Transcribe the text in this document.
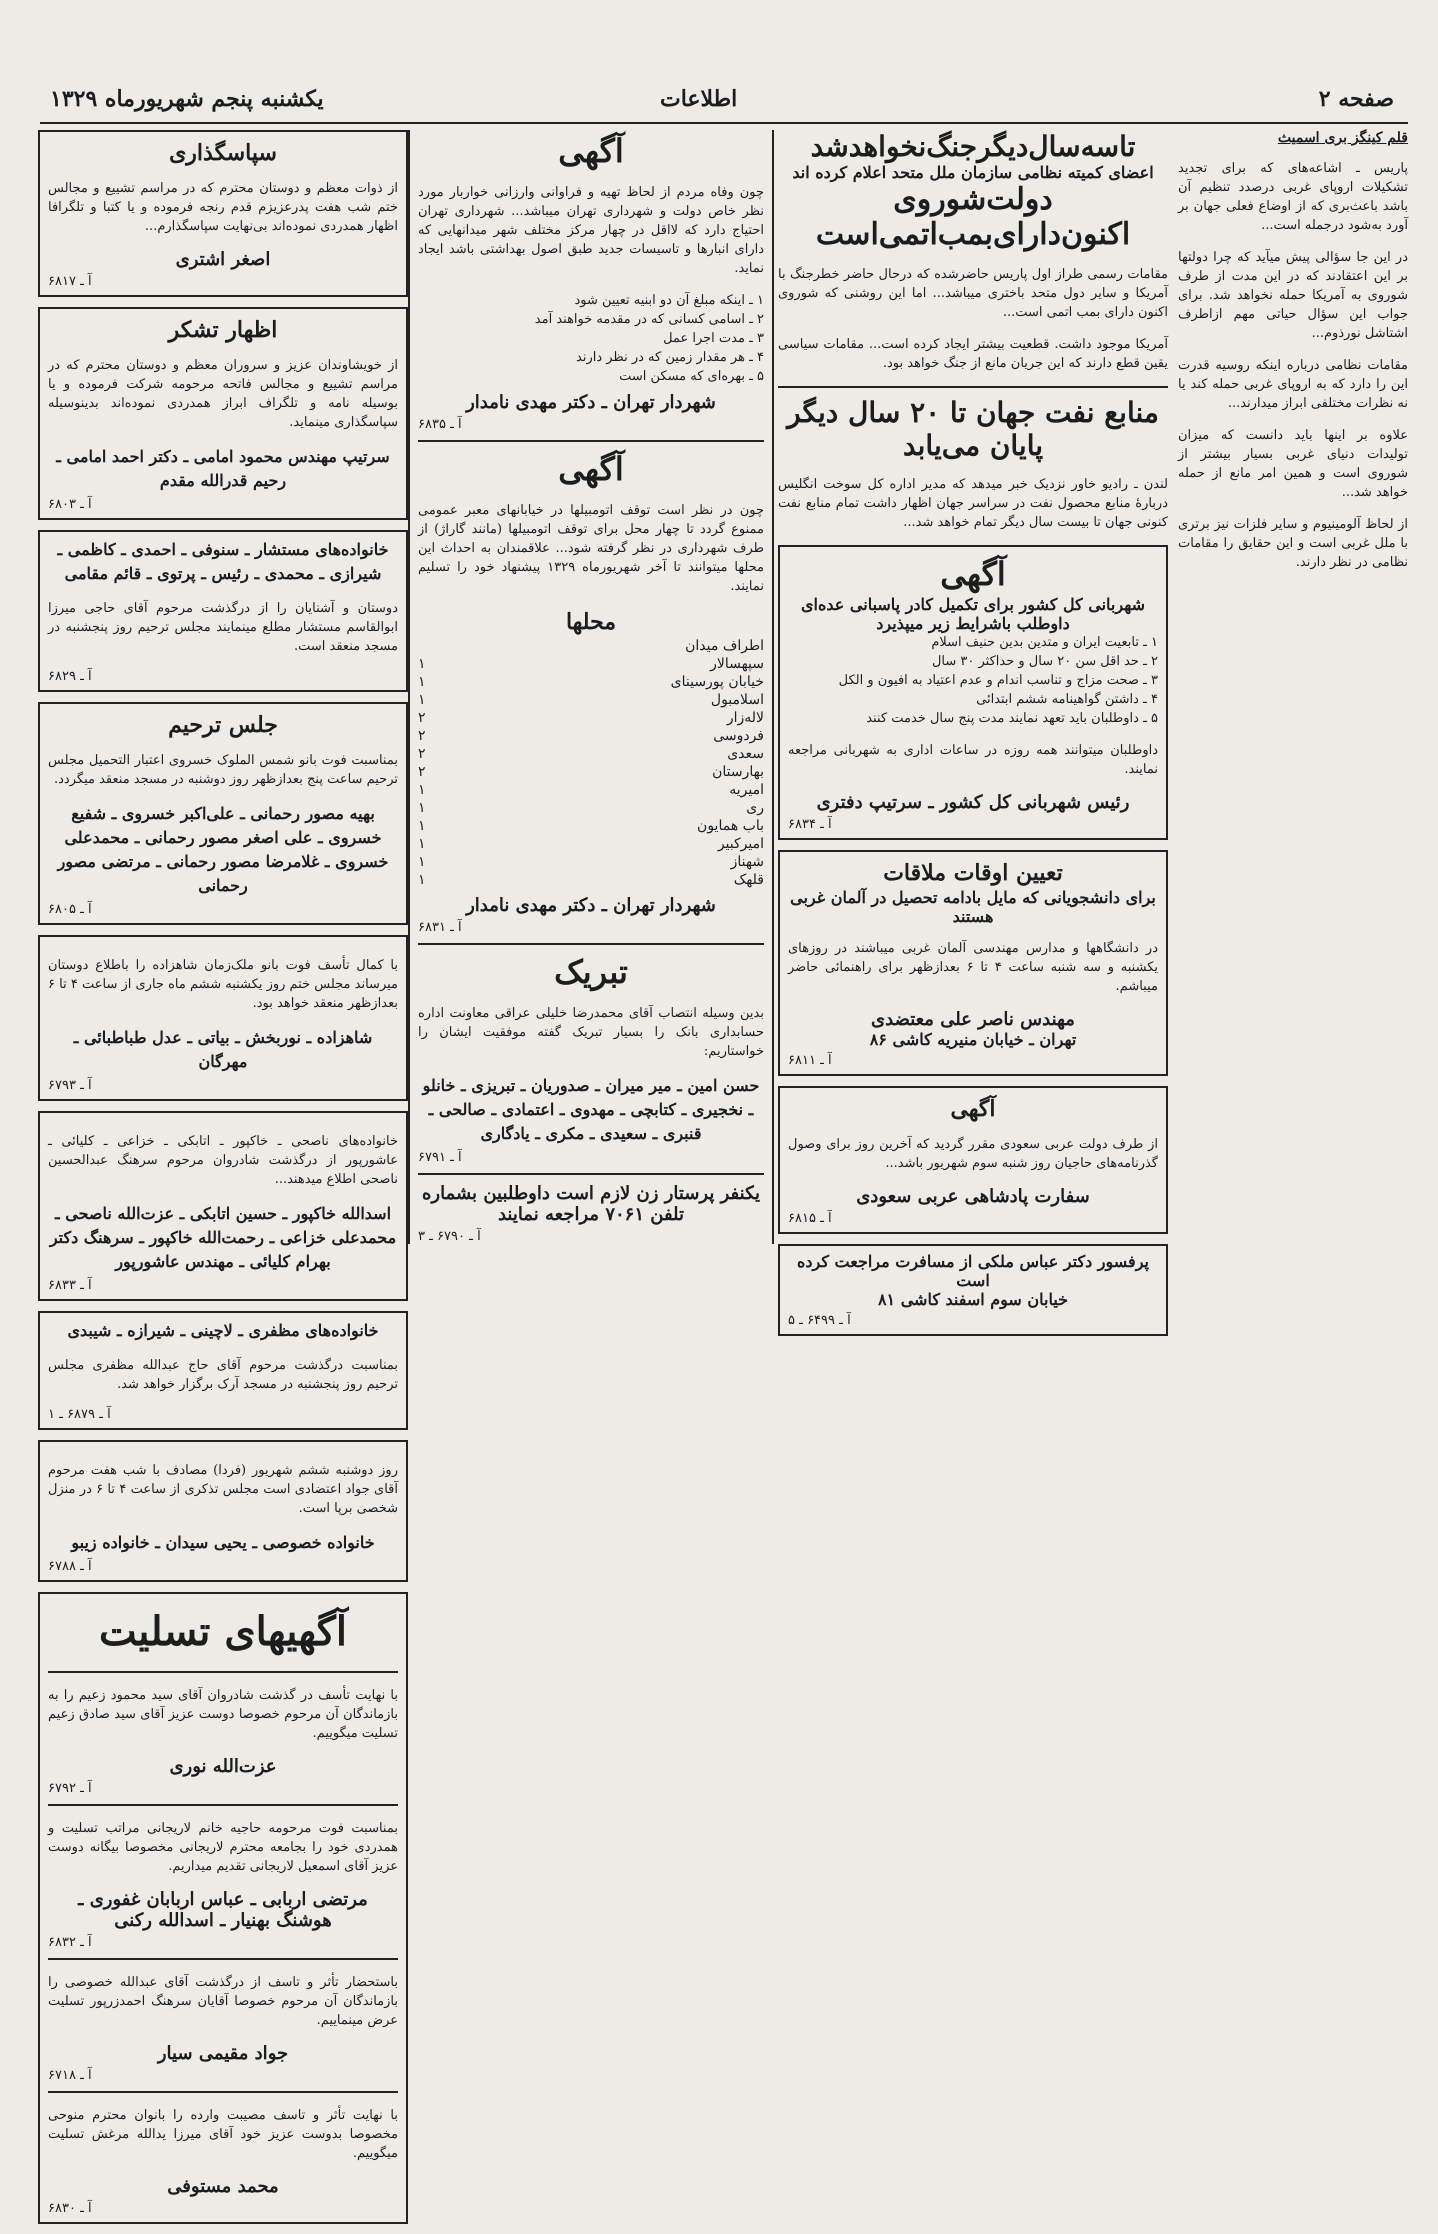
صفحه ۲
اطلاعات
یکشنبه پنجم شهریورماه ۱۳۲۹
قلم کینگز بری اسمیث

پاریس ـ اشاعه‌های که برای تجدید تشکیلات اروپای غربی درصدد تنظیم آن باشد باعث‌بری که از اوضاع فعلی جهان بر آورد به‌شود درجمله است...

در این جا سؤالی پیش میآید که چرا دولتها بر این اعتقادند که در این مدت از طرف شوروی به آمریکا حمله نخواهد شد. برای جواب این سؤال حیاتی مهم ازاطرف اشتاشل نورذوم...

مقامات نظامی درباره اینکه روسیه قدرت این را دارد که به اروپای غربی حمله کند یا نه نظرات مختلفی ابراز میدارند...

علاوه بر اینها باید دانست که میزان تولیدات دنیای غربی بسیار بیشتر از شوروی است و همین امر مانع از حمله خواهد شد...

از لحاظ آلومینیوم و سایر فلزات نیز برتری با ملل غربی است و این حقایق را مقامات نظامی در نظر دارند.

تاسه‌سال‌دیگرجنگ‌نخواهدشد
اعضای کمیته نظامی سازمان ملل متحد اعلام کرده اند
دولت‌شوروی اکنون‌دارای‌بمب‌اتمی‌است

مقامات رسمی طراز اول پاریس حاضرشده که درحال حاضر خطرجنگ با آمریکا و سایر دول متحد باختری میباشد... اما این روشنی که شوروی اکنون دارای بمب اتمی است...

آمریکا موجود داشت. قطعیت بیشتر ایجاد کرده است... مقامات سیاسی یقین قطع دارند که این جریان مانع از جنگ خواهد بود.

منابع نفت جهان تا ۲۰ سال دیگر پایان می‌یابد

لندن ـ رادیو خاور نزدیک خبر میدهد که مدیر اداره کل سوخت انگلیس دربارهٔ منابع محصول نفت در سراسر جهان اظهار داشت تمام منابع نفت کنونی جهان تا بیست سال دیگر تمام خواهد شد...

آگهی
شهربانی کل کشور برای تکمیل کادر پاسبانی عده‌ای داوطلب باشرایط زیر میپذیرد
۱ ـ تابعیت ایران و متدین بدین حنیف اسلام
۲ ـ حد اقل سن ۲۰ سال و حداکثر ۳۰ سال
۳ ـ صحت مزاج و تناسب اندام و عدم اعتیاد به افیون و الکل
۴ ـ داشتن گواهینامه ششم ابتدائی
۵ ـ داوطلبان باید تعهد نمایند مدت پنج سال خدمت کنند

داوطلبان میتوانند همه روزه در ساعات اداری به شهربانی مراجعه نمایند.

رئیس شهربانی کل کشور ـ سرتیپ دفتری
آ ـ ۶۸۳۴
تعیین اوقات ملاقات
برای دانشجویانی که مایل بادامه تحصیل در آلمان غربی هستند

در دانشگاهها و مدارس مهندسی آلمان غربی میباشند در روزهای یکشنبه و سه شنبه ساعت ۴ تا ۶ بعدازظهر برای راهنمائی حاضر میباشم.

مهندس ناصر علی معتضدی
تهران ـ خیابان منیریه کاشی ۸۶
آ ـ ۶۸۱۱
آگهی

از طرف دولت عربی سعودی مقرر گردید که آخرین روز برای وصول گذرنامه‌های حاجیان روز شنبه سوم شهریور باشد...

سفارت پادشاهی عربی سعودی
آ ـ ۶۸۱۵
پرفسور دکتر عباس ملکی از مسافرت مراجعت کرده است
خیابان سوم اسفند کاشی ۸۱
آ ـ ۶۴۹۹ ـ ۵
آگهی

چون وفاه مردم از لحاظ تهیه و فراوانی وارزانی خواربار مورد نظر خاص دولت و شهرداری تهران میباشد... شهرداری تهران احتیاج دارد که لااقل در چهار مرکز مختلف شهر میدانهایی که دارای انبارها و تاسیسات جدید طبق اصول بهداشتی باشد ایجاد نماید.

۱ ـ اینکه مبلغ آن دو ابنیه تعیین شود
۲ ـ اسامی کسانی که در مقدمه خواهند آمد
۳ ـ مدت اجرا عمل
۴ ـ هر مقدار زمین که در نظر دارند
۵ ـ بهره‌ای که مسکن است
شهردار تهران ـ دکتر مهدی نامدار
آ ـ ۶۸۳۵
آگهی

چون در نظر است توقف اتومبیلها در خیابانهای معبر عمومی ممنوع گردد تا چهار محل برای توقف اتومبیلها (مانند گاراژ) از طرف شهرداری در نظر گرفته شود... علاقمندان به احداث این محلها میتوانند تا آخر شهریورماه ۱۳۲۹ پیشنهاد خود را تسلیم نمایند.

محلها
اطراف میدان
سپهسالار
۱
خیابان پورسینای
۱
اسلامبول
۱
لاله‌زار
۲
فردوسی
۲
سعدی
۲
بهارستان
۲
امیریه
۱
ری
۱
باب همایون
۱
امیرکبیر
۱
شهناز
۱
قلهک
۱
شهردار تهران ـ دکتر مهدی نامدار
آ ـ ۶۸۳۱
تبریک

بدین وسیله انتصاب آقای محمدرضا خلیلی عراقی معاونت اداره حسابداری بانک را بسیار تبریک گفته موفقیت ایشان را خواستاریم:

حسن امین ـ میر میران ـ صدوریان ـ تبریزی ـ خانلو ـ نخجیری ـ کتابچی ـ مهدوی ـ اعتمادی ـ صالحی ـ قنبری ـ سعیدی ـ مکری ـ یادگاری
آ ـ ۶۷۹۱
یکنفر پرستار زن لازم است داوطلبین بشماره تلفن ۷۰۶۱ مراجعه نمایند
آ ـ ۶۷۹۰ ـ ۳
سپاسگذاری

از ذوات معظم و دوستان محترم که در مراسم تشییع و مجالس ختم شب هفت پدرعزیزم قدم رنجه فرموده و یا کتبا و تلگرافا اظهار همدردی نموده‌اند بی‌نهایت سپاسگذارم...

اصغر اشتری
آ ـ ۶۸۱۷
اظهار تشکر

از خویشاوندان عزیز و سروران معظم و دوستان محترم که در مراسم تشییع و مجالس فاتحه مرحومه شرکت فرموده و یا بوسیله نامه و تلگراف ابراز همدردی نموده‌اند بدینوسیله سپاسگذاری مینماید.

سرتیپ مهندس محمود امامی ـ دکتر احمد امامی ـ رحیم قدرالله مقدم
آ ـ ۶۸۰۳
خانواده‌های مستشار ـ سنوفی ـ احمدی ـ کاظمی ـ شیرازی ـ محمدی ـ رئیس ـ پرتوی ـ قائم مقامی

دوستان و آشنایان را از درگذشت مرحوم آقای حاجی میرزا ابوالقاسم مستشار مطلع مینمایند مجلس ترحیم روز پنجشنبه در مسجد منعقد است.

آ ـ ۶۸۲۹
جلس ترحیم

بمناسبت فوت بانو شمس الملوک خسروی اعتبار التحمیل مجلس ترحیم ساعت پنج بعدازظهر روز دوشنبه در مسجد منعقد میگردد.

بهیه مصور رحمانی ـ علی‌اکبر خسروی ـ شفیع خسروی ـ علی اصغر مصور رحمانی ـ محمدعلی خسروی ـ غلامرضا مصور رحمانی ـ مرتضی مصور رحمانی
آ ـ ۶۸۰۵

با کمال تأسف فوت بانو ملک‌زمان شاهزاده را باطلاع دوستان میرساند مجلس ختم روز یکشنبه ششم ماه جاری از ساعت ۴ تا ۶ بعدازظهر منعقد خواهد بود.

شاهزاده ـ نوربخش ـ بیاتی ـ عدل طباطبائی ـ مهرگان
آ ـ ۶۷۹۳

خانواده‌های ناصحی ـ خاکپور ـ اتابکی ـ خزاعی ـ کلیائی ـ عاشورپور از درگذشت شادروان مرحوم سرهنگ عبدالحسین ناصحی اطلاع میدهند...

اسدالله خاکپور ـ حسین اتابکی ـ عزت‌الله ناصحی ـ محمدعلی خزاعی ـ رحمت‌الله خاکپور ـ سرهنگ دکتر بهرام کلیائی ـ مهندس عاشورپور
آ ـ ۶۸۳۳
خانواده‌های مظفری ـ لاچینی ـ شیرازه ـ شیبدی

بمناسبت درگذشت مرحوم آقای حاج عبدالله مظفری مجلس ترحیم روز پنجشنبه در مسجد آرک برگزار خواهد شد.

آ ـ ۶۸۷۹ ـ ۱

روز دوشنبه ششم شهریور (فردا) مصادف با شب هفت مرحوم آقای جواد اعتضادی است مجلس تذکری از ساعت ۴ تا ۶ در منزل شخصی برپا است.

خانواده خصوصی ـ یحیی سیدان ـ خانواده زیبو
آ ـ ۶۷۸۸
آگهیهای تسلیت

با نهایت تأسف در گذشت شادروان آقای سید محمود زعیم را به بازماندگان آن مرحوم خصوصا دوست عزیز آقای سید صادق زعیم تسلیت میگوییم.

عزت‌الله نوری
آ ـ ۶۷۹۲

بمناسبت فوت مرحومه حاجیه خانم لاریجانی مراتب تسلیت و همدردی خود را بجامعه محترم لاریجانی مخصوصا بیگانه دوست عزیز آقای اسمعیل لاریجانی تقدیم میداریم.

مرتضی اربابی ـ عباس اربابان غفوری ـ هوشنگ بهنیار ـ اسدالله رکنی
آ ـ ۶۸۳۲

باستحضار تأثر و تاسف از درگذشت آقای عبدالله خصوصی را بازماندگان آن مرحوم خصوصا آقایان سرهنگ احمدزرپور تسلیت عرض مینماییم.

جواد مقیمی سیار
آ ـ ۶۷۱۸

با نهایت تأثر و تاسف مصیبت وارده را بانوان محترم منوحی مخصوصا بدوست عزیز خود آقای میرزا یدالله مرغش تسلیت میگوییم.

محمد مستوفی
آ ـ ۶۸۳۰
